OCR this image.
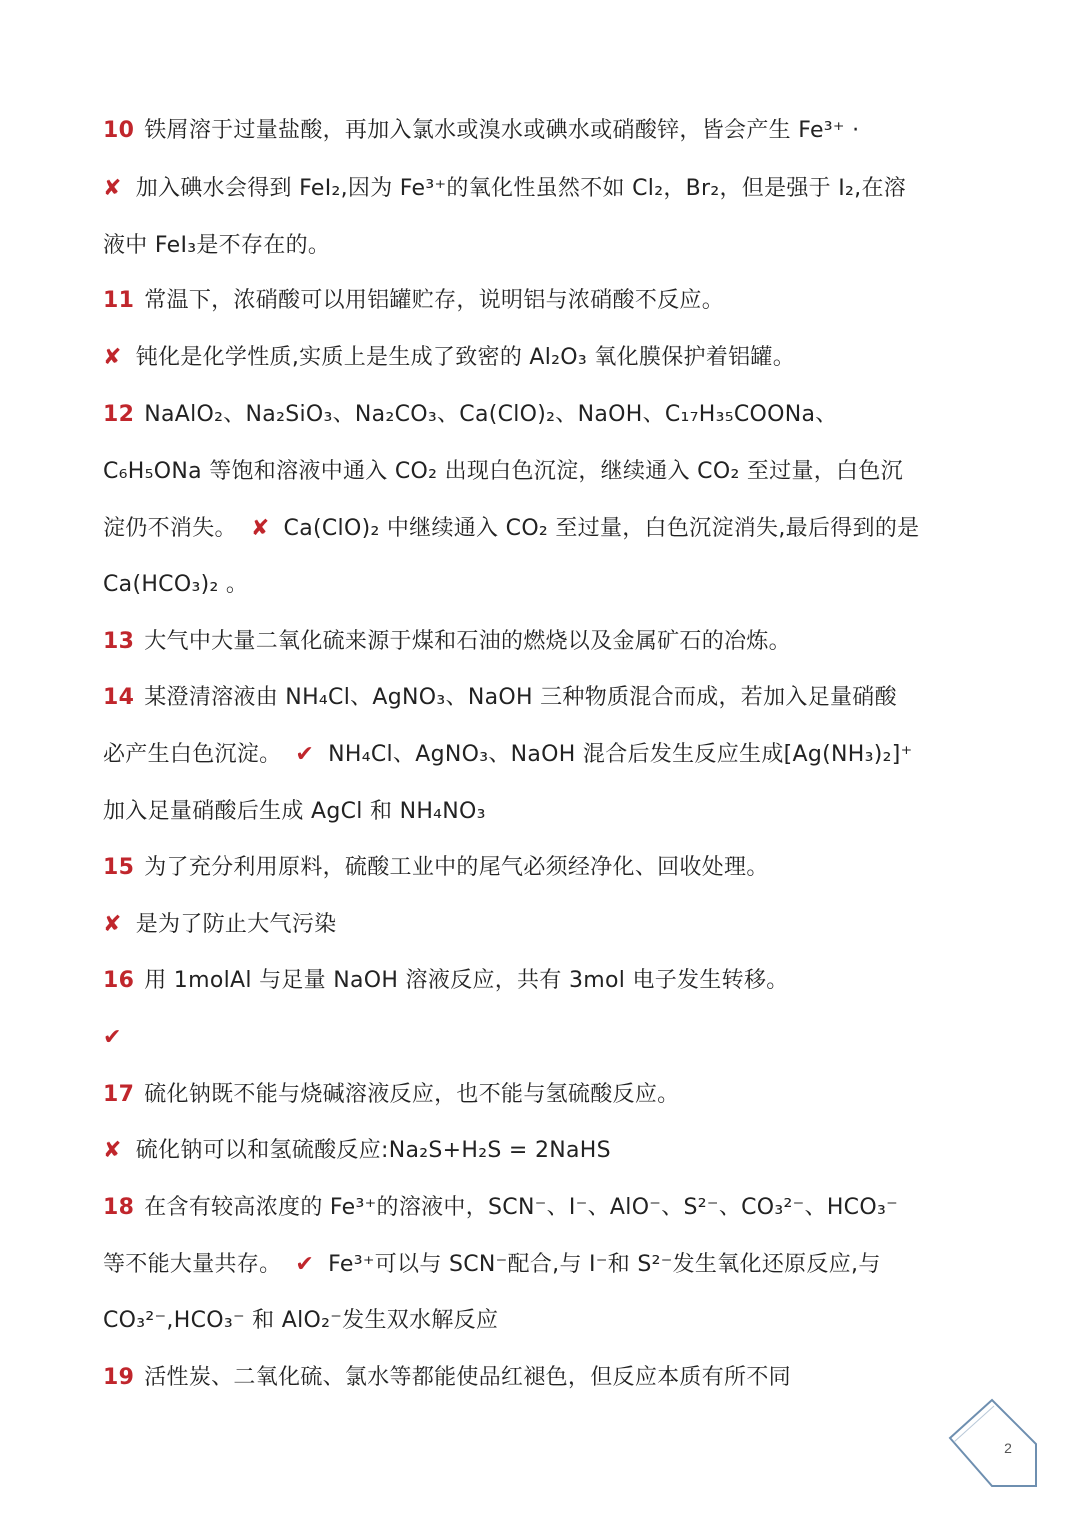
10 铁屑溶于过量盐酸，再加入氯水或溴水或碘水或硝酸锌，皆会产生 Fe³⁺ ·
✘ 加入碘水会得到 FeI₂,因为 Fe³⁺的氧化性虽然不如 Cl₂，Br₂，但是强于 I₂,在溶
液中 FeI₃是不存在的。
11 常温下，浓硝酸可以用铝罐贮存，说明铝与浓硝酸不反应。
✘ 钝化是化学性质,实质上是生成了致密的 Al₂O₃ 氧化膜保护着铝罐。
12 NaAlO₂、Na₂SiO₃、Na₂CO₃、Ca(ClO)₂、NaOH、C₁₇H₃₅COONa、
C₆H₅ONa 等饱和溶液中通入 CO₂ 出现白色沉淀，继续通入 CO₂ 至过量，白色沉
淀仍不消失。 ✘ Ca(ClO)₂ 中继续通入 CO₂ 至过量，白色沉淀消失,最后得到的是
Ca(HCO₃)₂ 。
13 大气中大量二氧化硫来源于煤和石油的燃烧以及金属矿石的冶炼。
14 某澄清溶液由 NH₄Cl、AgNO₃、NaOH 三种物质混合而成，若加入足量硝酸
必产生白色沉淀。 ✔ NH₄Cl、AgNO₃、NaOH 混合后发生反应生成[Ag(NH₃)₂]⁺
加入足量硝酸后生成 AgCl 和 NH₄NO₃
15 为了充分利用原料，硫酸工业中的尾气必须经净化、回收处理。
✘ 是为了防止大气污染
16 用 1molAl 与足量 NaOH 溶液反应，共有 3mol 电子发生转移。
✔
17 硫化钠既不能与烧碱溶液反应，也不能与氢硫酸反应。
✘ 硫化钠可以和氢硫酸反应:Na₂S+H₂S = 2NaHS
18 在含有较高浓度的 Fe³⁺的溶液中，SCN⁻、I⁻、AlO⁻、S²⁻、CO₃²⁻、HCO₃⁻
等不能大量共存。 ✔ Fe³⁺可以与 SCN⁻配合,与 I⁻和 S²⁻发生氧化还原反应,与
CO₃²⁻,HCO₃⁻ 和 AlO₂⁻发生双水解反应
19 活性炭、二氧化硫、氯水等都能使品红褪色，但反应本质有所不同
2
